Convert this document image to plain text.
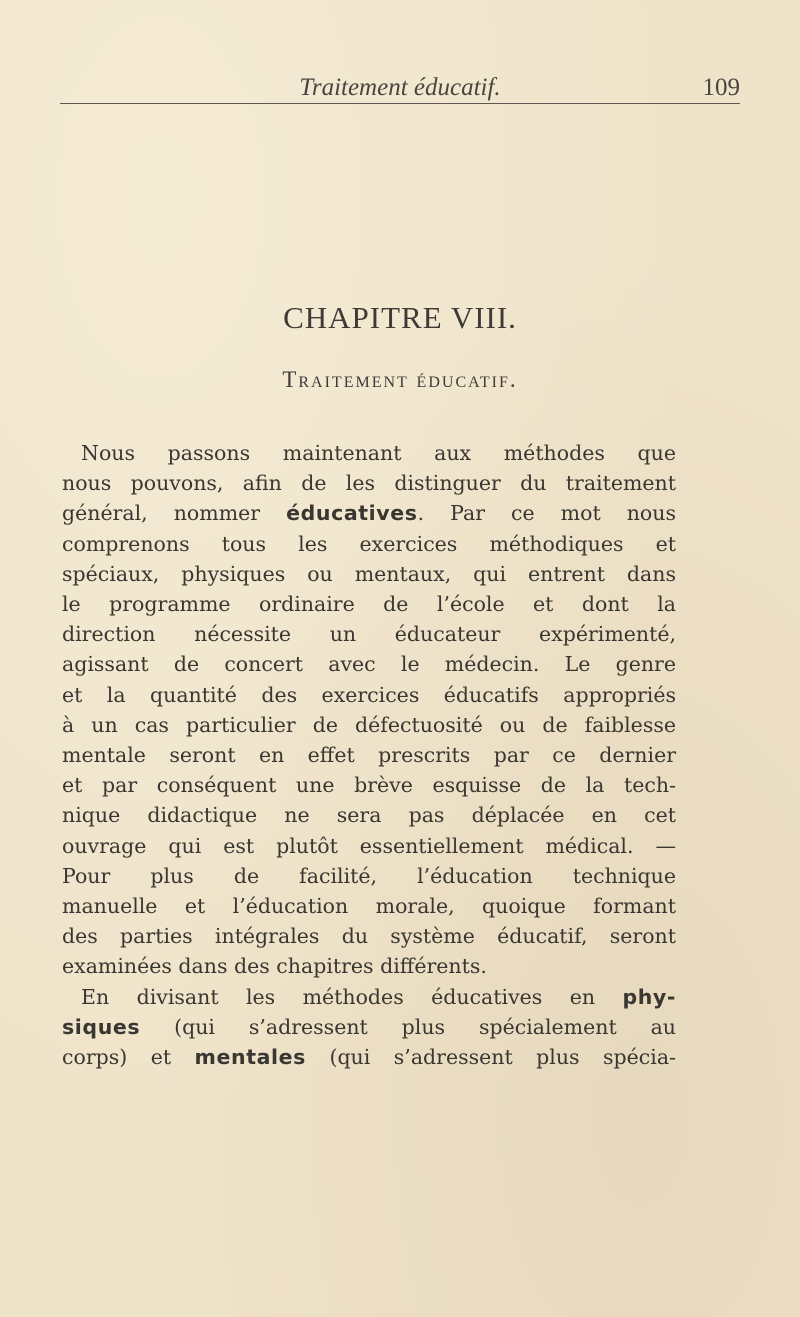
Traitement éducatif.	109
CHAPITRE VIII.
Traitement éducatif.
Nous passons maintenant aux méthodes que
nous pouvons, afin de les distinguer du traitement
général, nommer éducatives. Par ce mot nous
comprenons tous les exercices méthodiques et
spéciaux, physiques ou mentaux, qui entrent dans
le programme ordinaire de l’école et dont la
direction nécessite un éducateur expérimenté,
agissant de concert avec le médecin. Le genre
et la quantité des exercices éducatifs appropriés
à un cas particulier de défectuosité ou de faiblesse
mentale seront en effet prescrits par ce dernier
et par conséquent une brève esquisse de la tech-
nique didactique ne sera pas déplacée en cet
ouvrage qui est plutôt essentiellement médical. —
Pour plus de facilité, l’éducation technique
manuelle et l’éducation morale, quoique formant
des parties intégrales du système éducatif, seront
examinées dans des chapitres différents.
En divisant les méthodes éducatives en phy-
siques (qui s’adressent plus spécialement au
corps) et mentales (qui s’adressent plus spécia-
